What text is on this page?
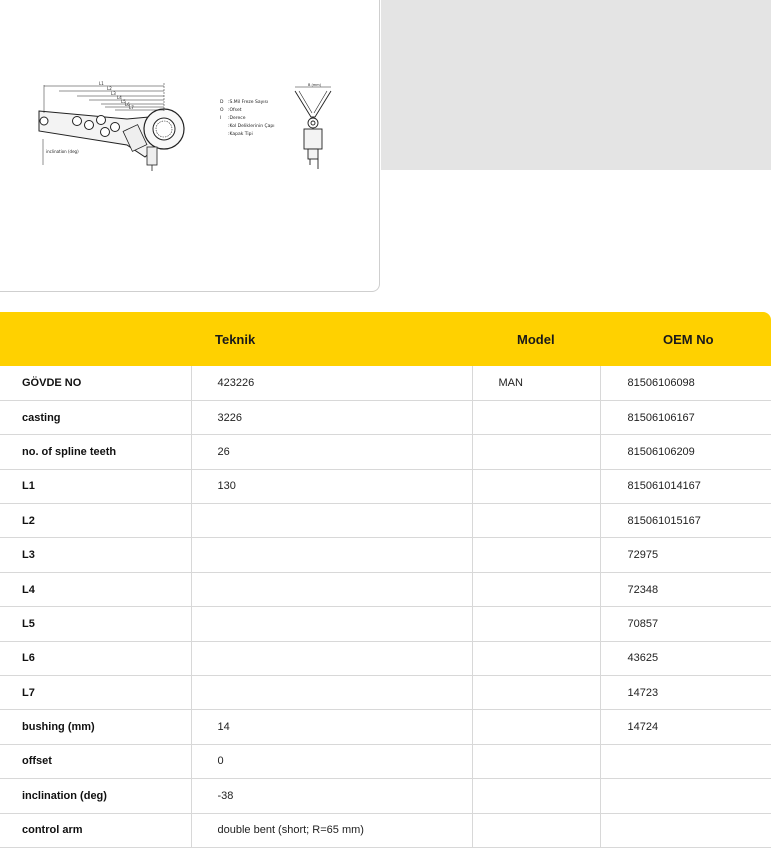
L1
L2
L3
L4
L5
L6
L7
inclination (deg)
D :S.Mil Freze Sayısı
O :Ofset
I :Derece
:Kol Deliklerinin Çapı
:Kapak Tipi
B (mm)
	Teknik	Model	OEM No
GÖVDE NO	423226	MAN	81506106098
casting	3226		81506106167
no. of spline teeth	26		81506106209
L1	130		815061014167
L2			815061015167
L3			72975
L4			72348
L5			70857
L6			43625
L7			14723
bushing (mm)	14		14724
offset	0		
inclination (deg)	-38		
control arm	double bent (short; R=65 mm)		
